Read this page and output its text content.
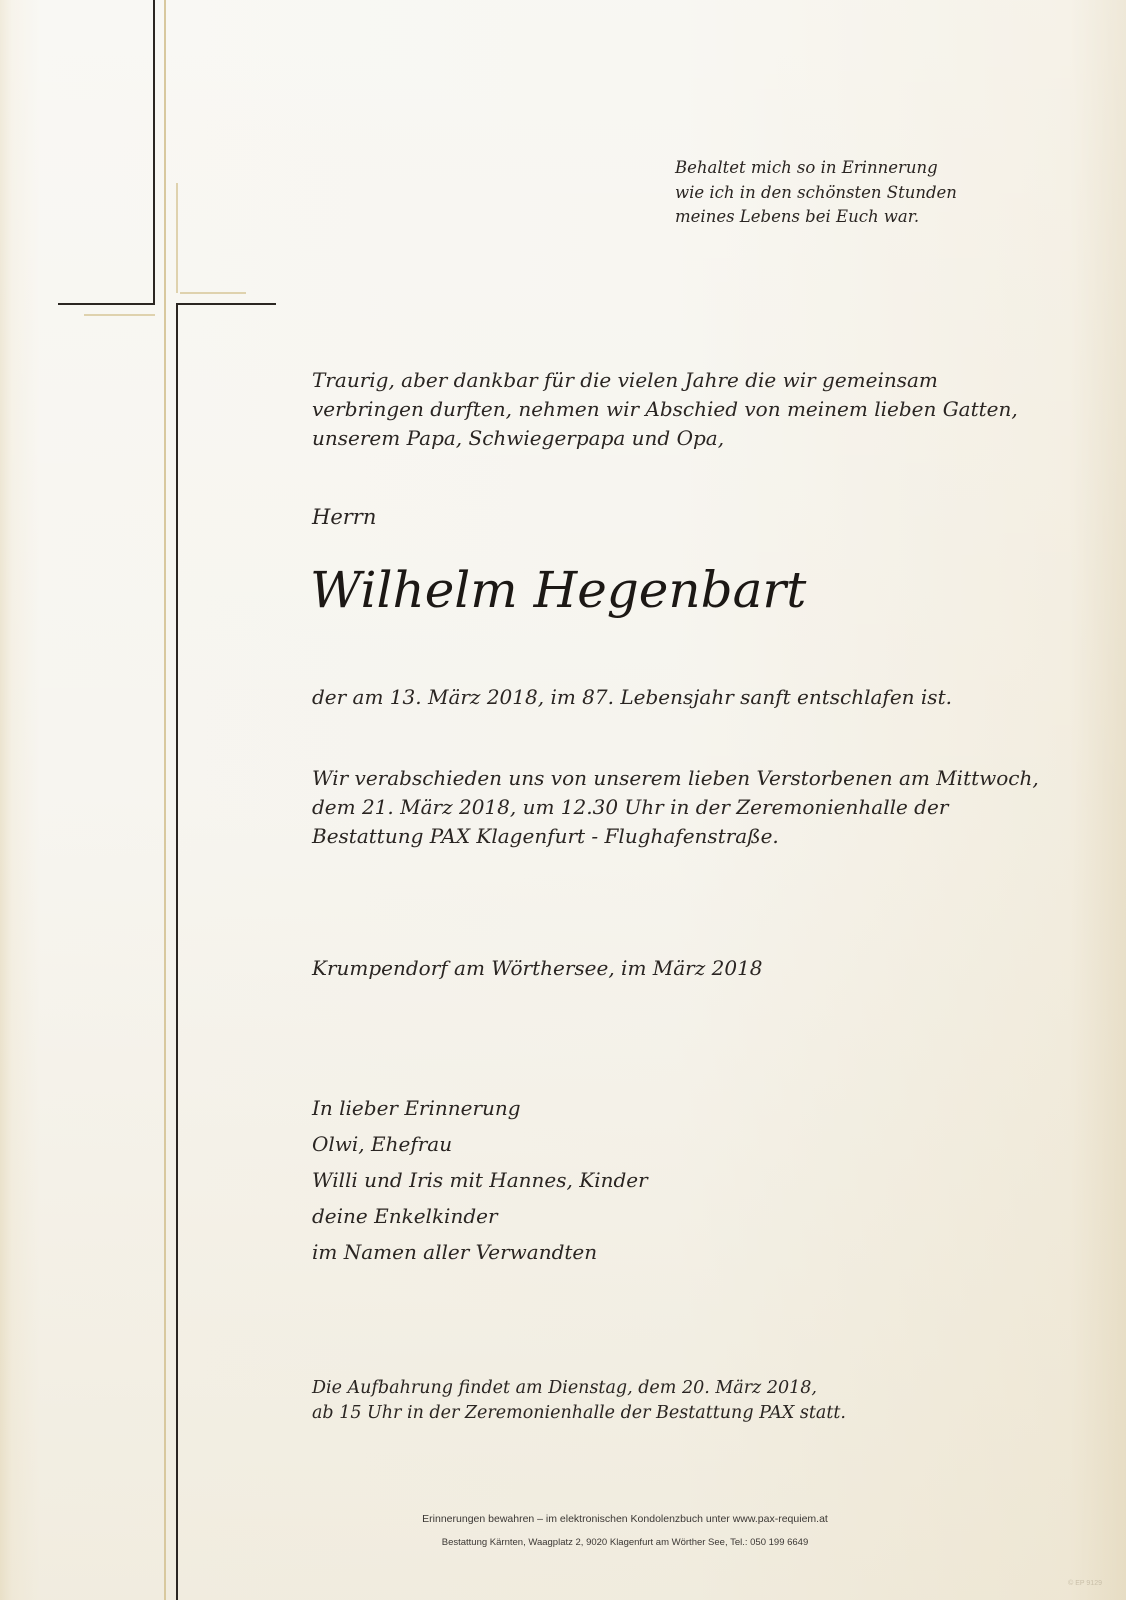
Behaltet mich so in Erinnerung
wie ich in den schönsten Stunden
meines Lebens bei Euch war.
Traurig, aber dankbar für die vielen Jahre die wir gemeinsam
verbringen durften, nehmen wir Abschied von meinem lieben Gatten,
unserem Papa, Schwiegerpapa und Opa,
Herrn
Wilhelm Hegenbart
der am 13. März 2018, im 87. Lebensjahr sanft entschlafen ist.
Wir verabschieden uns von unserem lieben Verstorbenen am Mittwoch,
dem 21. März 2018, um 12.30 Uhr in der Zeremonienhalle der
Bestattung PAX Klagenfurt - Flughafenstraße.
Krumpendorf am Wörthersee, im März 2018
In lieber Erinnerung
Olwi, Ehefrau
Willi und Iris mit Hannes, Kinder
deine Enkelkinder
im Namen aller Verwandten
Die Aufbahrung findet am Dienstag, dem 20. März 2018,
ab 15 Uhr in der Zeremonienhalle der Bestattung PAX statt.
Erinnerungen bewahren – im elektronischen Kondolenzbuch unter www.pax-requiem.at
Bestattung Kärnten, Waagplatz 2, 9020 Klagenfurt am Wörther See, Tel.: 050 199 6649
© EP 9129
